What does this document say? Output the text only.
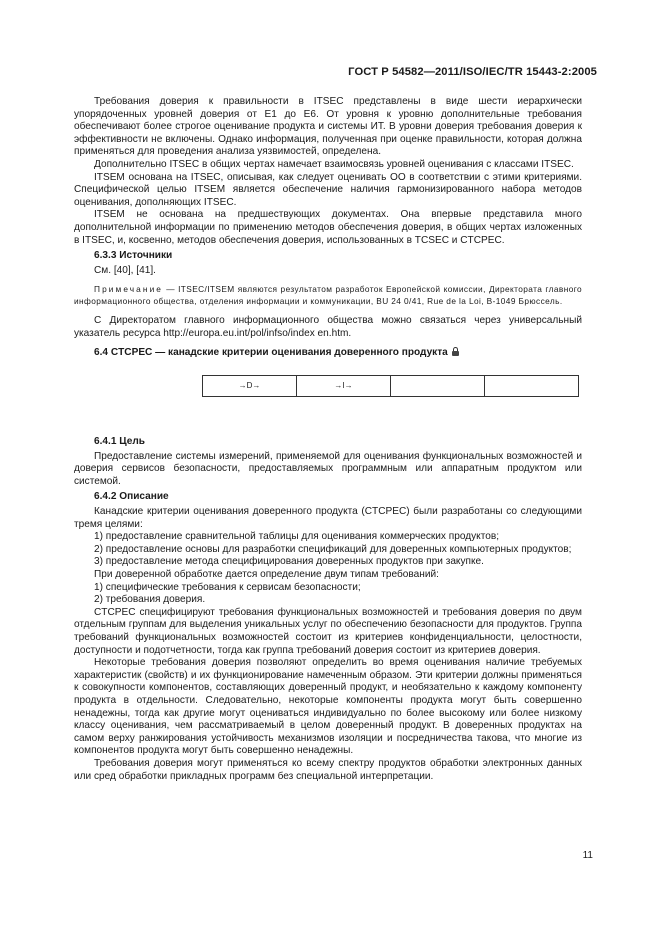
ГОСТ Р 54582—2011/ISO/IEC/TR 15443-2:2005

Требования доверия к правильности в ITSEC представлены в виде шести иерархически упорядоченных уровней доверия от Е1 до Е6. От уровня к уровню дополнительные требования обеспечивают более строгое оценивание продукта и системы ИТ. В уровни доверия требования доверия к эффективности не включены. Однако информация, полученная при оценке правильности, которая должна применяться для проведения анализа уязвимостей, определена.

Дополнительно ITSEC в общих чертах намечает взаимосвязь уровней оценивания с классами ITSEC.

ITSEM основана на ITSEC, описывая, как следует оценивать ОО в соответствии с этими критериями. Специфической целью ITSEM является обеспечение наличия гармонизированного набора методов оценивания, дополняющих ITSEC.

ITSEM не основана на предшествующих документах. Она впервые представила много дополнительной информации по применению методов обеспечения доверия, в общих чертах изложенных в ITSEC, и, косвенно, методов обеспечения доверия, использованных в TCSEC и CTCPEC.

6.3.3 Источники

См. [40], [41].

Примечание — ITSEC/ITSEM являются результатом разработок Европейской комиссии, Директората главного информационного общества, отделения информации и коммуникации, BU 24 0/41, Rue de la Loi, B-1049 Брюссель.

С Директоратом главного информационного общества можно связаться через универсальный указатель ресурса http://europa.eu.int/pol/infso/index en.htm.

6.4 CTCPEC — канадские критерии оценивания доверенного продукта
→D→	→I→		
6.4.1 Цель

Предоставление системы измерений, применяемой для оценивания функциональных возможностей и доверия сервисов безопасности, предоставляемых программным или аппаратным продуктом или системой.

6.4.2 Описание

Канадские критерии оценивания доверенного продукта (CTCPEC) были разработаны со следующими тремя целями:

1) предоставление сравнительной таблицы для оценивания коммерческих продуктов;

2) предоставление основы для разработки спецификаций для доверенных компьютерных продуктов;

3) предоставление метода специфицирования доверенных продуктов при закупке.

При доверенной обработке дается определение двум типам требований:

1) специфические требования к сервисам безопасности;

2) требования доверия.

CTCPEC специфицируют требования функциональных возможностей и требования доверия по двум отдельным группам для выделения уникальных услуг по обеспечению безопасности для продуктов. Группа требований функциональных возможностей состоит из критериев конфиденциальности, целостности, доступности и подотчетности, тогда как группа требований доверия состоит из критериев доверия.

Некоторые требования доверия позволяют определить во время оценивания наличие требуемых характеристик (свойств) и их функционирование намеченным образом. Эти критерии должны применяться к совокупности компонентов, составляющих доверенный продукт, и необязательно к каждому компоненту продукта в отдельности. Следовательно, некоторые компоненты продукта могут быть совершенно ненадежны, тогда как другие могут оцениваться индивидуально по более высокому или более низкому классу оценивания, чем рассматриваемый в целом доверенный продукт. В доверенных продуктах на самом верху ранжирования устойчивость механизмов изоляции и посредничества такова, что многие из компонентов продукта могут быть совершенно ненадежны.

Требования доверия могут применяться ко всему спектру продуктов обработки электронных данных или сред обработки прикладных программ без специальной интерпретации.

11
